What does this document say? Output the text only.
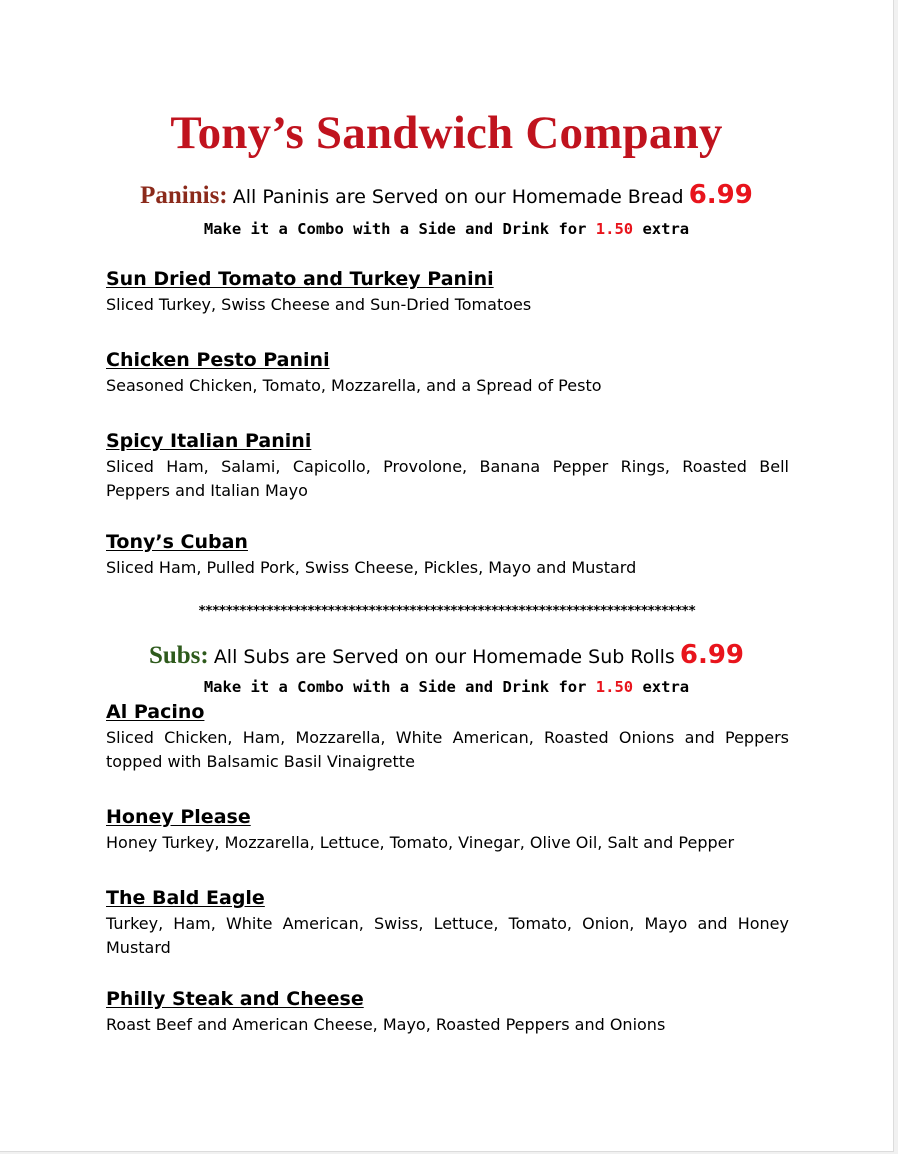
Tony’s Sandwich Company
Paninis: All Paninis are Served on our Homemade Bread 6.99
Make it a Combo with a Side and Drink for 1.50 extra
Sun Dried Tomato and Turkey Panini
Sliced Turkey, Swiss Cheese and Sun-Dried Tomatoes
Chicken Pesto Panini
Seasoned Chicken, Tomato, Mozzarella, and a Spread of Pesto
Spicy Italian Panini
Sliced Ham, Salami, Capicollo, Provolone, Banana Pepper Rings, Roasted Bell Peppers and Italian Mayo
Tony’s Cuban
Sliced Ham, Pulled Pork, Swiss Cheese, Pickles, Mayo and Mustard
*************************************************************************
Subs: All Subs are Served on our Homemade Sub Rolls 6.99
Make it a Combo with a Side and Drink for 1.50 extra
Al Pacino
Sliced Chicken, Ham, Mozzarella, White American, Roasted Onions and Peppers topped with Balsamic Basil Vinaigrette
Honey Please
Honey Turkey, Mozzarella, Lettuce, Tomato, Vinegar, Olive Oil, Salt and Pepper
The Bald Eagle
Turkey, Ham, White American, Swiss, Lettuce, Tomato, Onion, Mayo and Honey Mustard
Philly Steak and Cheese
Roast Beef and American Cheese, Mayo, Roasted Peppers and Onions
